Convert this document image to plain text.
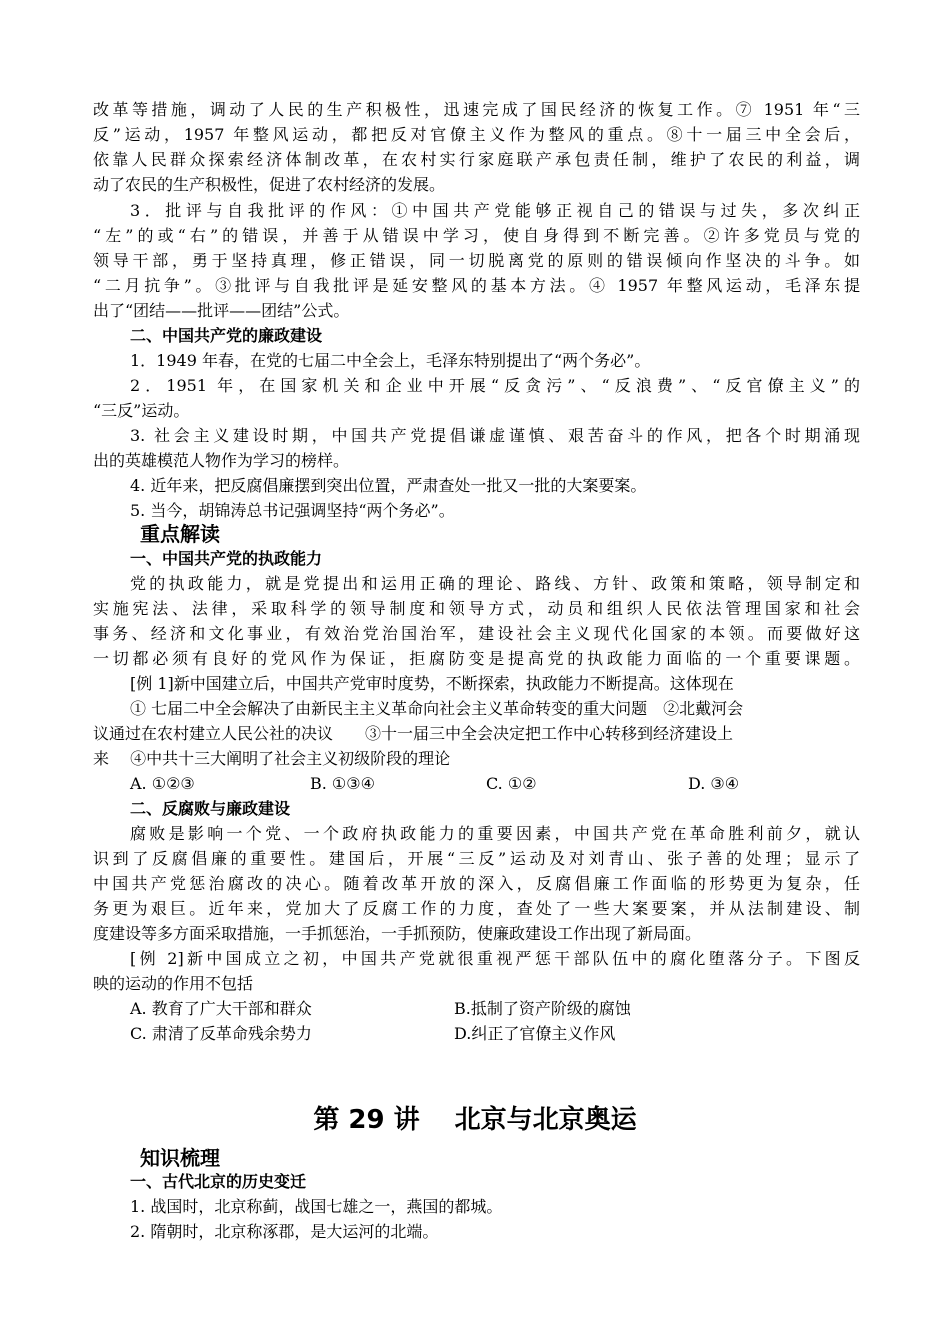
改革等措施，调动了人民的生产积极性，迅速完成了国民经济的恢复工作。⑦ 1951 年“三
反”运动，1957 年整风运动，都把反对官僚主义作为整风的重点。⑧十一届三中全会后，
依靠人民群众探索经济体制改革，在农村实行家庭联产承包责任制，维护了农民的利益，调
动了农民的生产积极性，促进了农村经济的发展。
3．批评与自我批评的作风：①中国共产党能够正视自己的错误与过失，多次纠正
“左”的或“右”的错误，并善于从错误中学习，使自身得到不断完善。②许多党员与党的
领导干部，勇于坚持真理，修正错误，同一切脱离党的原则的错误倾向作坚决的斗争。如
“二月抗争”。③批评与自我批评是延安整风的基本方法。④ 1957 年整风运动，毛泽东提
出了“团结——批评——团结”公式。
二、中国共产党的廉政建设
1．1949 年春，在党的七届二中全会上，毛泽东特别提出了“两个务必”。
2．1951 年，在国家机关和企业中开展“反贪污”、“反浪费”、“反官僚主义”的
“三反”运动。
3. 社会主义建设时期，中国共产党提倡谦虚谨慎、艰苦奋斗的作风，把各个时期涌现
出的英雄模范人物作为学习的榜样。
4. 近年来，把反腐倡廉摆到突出位置，严肃查处一批又一批的大案要案。
5. 当今，胡锦涛总书记强调坚持“两个务必”。
重点解读
一、中国共产党的执政能力
党的执政能力，就是党提出和运用正确的理论、路线、方针、政策和策略，领导制定和
实施宪法、法律，采取科学的领导制度和领导方式，动员和组织人民依法管理国家和社会
事务、经济和文化事业，有效治党治国治军，建设社会主义现代化国家的本领。而要做好这
一切都必须有良好的党风作为保证，拒腐防变是提高党的执政能力面临的一个重要课题。
[例 1]新中国建立后，中国共产党审时度势，不断探索，执政能力不断提高。这体现在
① 七届二中全会解决了由新民主主义革命向社会主义革命转变的重大问题　②北戴河会
议通过在农村建立人民公社的决议　　③十一届三中全会决定把工作中心转移到经济建设上
来　 ④中共十三大阐明了社会主义初级阶段的理论
A. ①②③	B. ①③④	C. ①②	D. ③④
二、反腐败与廉政建设
腐败是影响一个党、一个政府执政能力的重要因素，中国共产党在革命胜利前夕，就认
识到了反腐倡廉的重要性。建国后，开展“三反”运动及对刘青山、张子善的处理；显示了
中国共产党惩治腐改的决心。随着改革开放的深入，反腐倡廉工作面临的形势更为复杂，任
务更为艰巨。近年来，党加大了反腐工作的力度，查处了一些大案要案，并从法制建设、制
度建设等多方面采取措施，一手抓惩治，一手抓预防，使廉政建设工作出现了新局面。
[例 2]新中国成立之初，中国共产党就很重视严惩干部队伍中的腐化堕落分子。下图反
映的运动的作用不包括
A. 教育了广大干部和群众	B.抵制了资产阶级的腐蚀
C. 肃清了反革命残余势力	D.纠正了官僚主义作风
第 29 讲　 北京与北京奥运
知识梳理
一、古代北京的历史变迁
1. 战国时，北京称蓟，战国七雄之一，燕国的都城。
2. 隋朝时，北京称涿郡，是大运河的北端。
